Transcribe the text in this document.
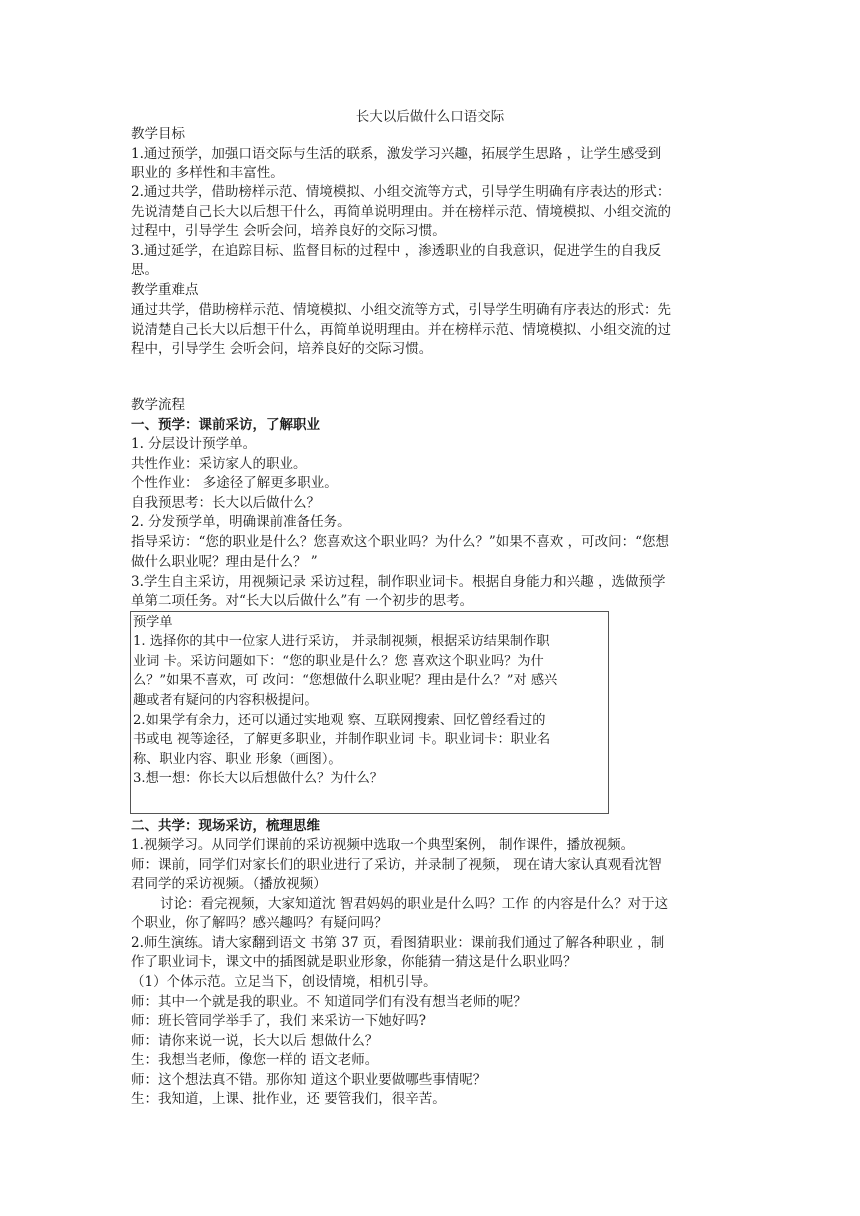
长大以后做什么口语交际
教学目标
1.通过预学，加强口语交际与生活的联系，激发学习兴趣，拓展学生思路 ，让学生感受到
职业的 多样性和丰富性。
2.通过共学，借助榜样示范、情境模拟、小组交流等方式，引导学生明确有序表达的形式：
先说清楚自己长大以后想干什么，再简单说明理由。并在榜样示范、情境模拟、小组交流的
过程中，引导学生 会听会问，培养良好的交际习惯。
3.通过延学，在追踪目标、监督目标的过程中 ，渗透职业的自我意识，促进学生的自我反
思。
教学重难点
通过共学，借助榜样示范、情境模拟、小组交流等方式，引导学生明确有序表达的形式：先
说清楚自己长大以后想干什么，再简单说明理由。并在榜样示范、情境模拟、小组交流的过
程中，引导学生 会听会问，培养良好的交际习惯。
教学流程
一、预学：课前采访，了解职业
1. 分层设计预学单。
共性作业：采访家人的职业。
个性作业： 多途径了解更多职业。
自我预思考：长大以后做什么？
2. 分发预学单，明确课前准备任务。
指导采访：“您的职业是什么？您喜欢这个职业吗？为什么？”如果不喜欢 ，可改问：“您想
做什么职业呢？理由是什么？ ”
3.学生自主采访，用视频记录 采访过程，制作职业词卡。根据自身能力和兴趣 ，选做预学
单第二项任务。对“长大以后做什么”有 一个初步的思考。
预学单
1. 选择你的其中一位家人进行采访， 并录制视频，根据采访结果制作职
业词 卡。采访问题如下：“您的职业是什么？您 喜欢这个职业吗？为什
么？”如果不喜欢，可 改问：“您想做什么职业呢？理由是什么？”对 感兴
趣或者有疑问的内容积极提问。
2.如果学有余力，还可以通过实地观 察、互联网搜索、回忆曾经看过的
书或电 视等途径，了解更多职业，并制作职业词 卡。职业词卡：职业名
称、职业内容、职业 形象（画图）。
3.想一想：你长大以后想做什么？为什么？
二、共学：现场采访，梳理思维
1.视频学习。从同学们课前的采访视频中选取一个典型案例， 制作课件，播放视频。
师：课前，同学们对家长们的职业进行了采访，并录制了视频， 现在请大家认真观看沈智
君同学的采访视频。（播放视频）
讨论：看完视频，大家知道沈 智君妈妈的职业是什么吗？工作 的内容是什么？对于这
个职业，你了解吗？感兴趣吗？有疑问吗？
2.师生演练。请大家翻到语文 书第 37 页，看图猜职业：课前我们通过了解各种职业 ，制
作了职业词卡，课文中的插图就是职业形象，你能猜一猜这是什么职业吗？
（1）个体示范。立足当下，创设情境，相机引导。
师：其中一个就是我的职业。不 知道同学们有没有想当老师的呢？
师：班长管同学举手了，我们 来采访一下她好吗?
师：请你来说一说，长大以后 想做什么？
生：我想当老师，像您一样的 语文老师。
师：这个想法真不错。那你知 道这个职业要做哪些事情呢？
生：我知道，上课、批作业，还 要管我们，很辛苦。
